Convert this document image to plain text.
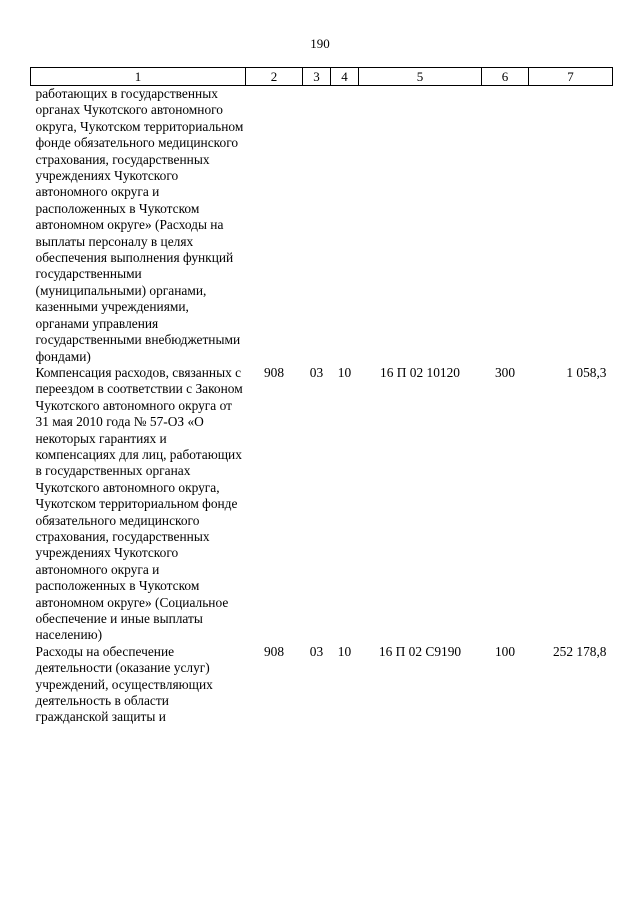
190
1	2	3	4	5	6	7
работающих в государственных органах Чукотского автономного округа, Чукотском территориальном фонде обязательного медицинского страхования, государственных учреждениях Чукотского автономного округа и расположенных в Чукотском автономном округе» (Расходы на выплаты персоналу в целях обеспечения выполнения функций государственными (муниципальными) органами, казенными учреждениями, органами управления государственными внебюджетными фондами)						
Компенсация расходов, связанных с переездом в соответствии с Законом Чукотского автономного округа от 31 мая 2010 года № 57-ОЗ «О некоторых гарантиях и компенсациях для лиц, работающих в государственных органах Чукотского автономного округа, Чукотском территориальном фонде обязательного медицинского страхования, государственных учреждениях Чукотского автономного округа и расположенных в Чукотском автономном округе» (Социальное обеспечение и иные выплаты населению)	908	03	10	16 П 02 10120	300	1 058,3
Расходы на обеспечение деятельности (оказание услуг) учреждений, осуществляющих деятельность в области гражданской защиты и	908	03	10	16 П 02 С9190	100	252 178,8
